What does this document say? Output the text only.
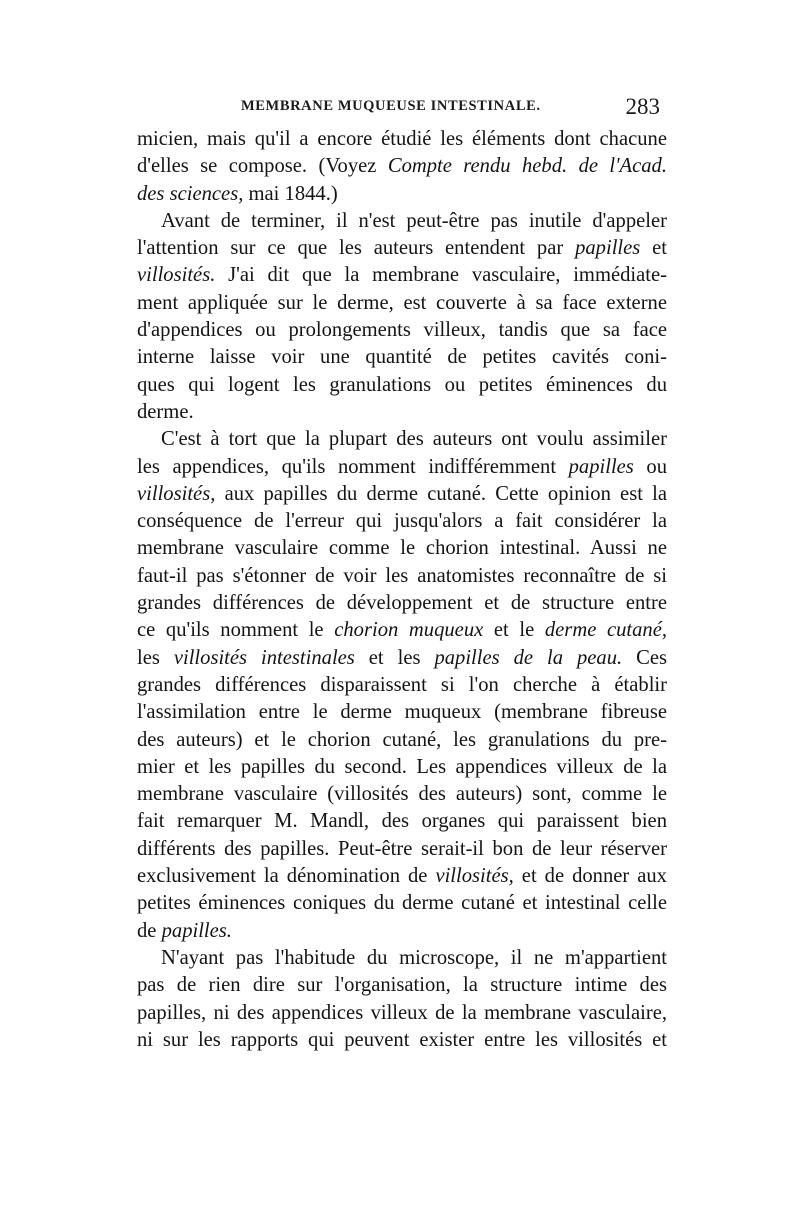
MEMBRANE MUQUEUSE INTESTINALE.	283
micien, mais qu'il a encore étudié les éléments dont chacune
d'elles se compose. (Voyez Compte rendu hebd. de l'Acad.
des sciences, mai 1844.)
Avant de terminer, il n'est peut-être pas inutile d'appeler
l'attention sur ce que les auteurs entendent par papilles et
villosités. J'ai dit que la membrane vasculaire, immédiate-
ment appliquée sur le derme, est couverte à sa face externe
d'appendices ou prolongements villeux, tandis que sa face
interne laisse voir une quantité de petites cavités coni-
ques qui logent les granulations ou petites éminences du
derme.
C'est à tort que la plupart des auteurs ont voulu assimiler
les appendices, qu'ils nomment indifféremment papilles ou
villosités, aux papilles du derme cutané. Cette opinion est la
conséquence de l'erreur qui jusqu'alors a fait considérer la
membrane vasculaire comme le chorion intestinal. Aussi ne
faut-il pas s'étonner de voir les anatomistes reconnaître de si
grandes différences de développement et de structure entre
ce qu'ils nomment le chorion muqueux et le derme cutané,
les villosités intestinales et les papilles de la peau. Ces
grandes différences disparaissent si l'on cherche à établir
l'assimilation entre le derme muqueux (membrane fibreuse
des auteurs) et le chorion cutané, les granulations du pre-
mier et les papilles du second. Les appendices villeux de la
membrane vasculaire (villosités des auteurs) sont, comme le
fait remarquer M. Mandl, des organes qui paraissent bien
différents des papilles. Peut-être serait-il bon de leur réserver
exclusivement la dénomination de villosités, et de donner aux
petites éminences coniques du derme cutané et intestinal celle
de papilles.
N'ayant pas l'habitude du microscope, il ne m'appartient
pas de rien dire sur l'organisation, la structure intime des
papilles, ni des appendices villeux de la membrane vasculaire,
ni sur les rapports qui peuvent exister entre les villosités et
